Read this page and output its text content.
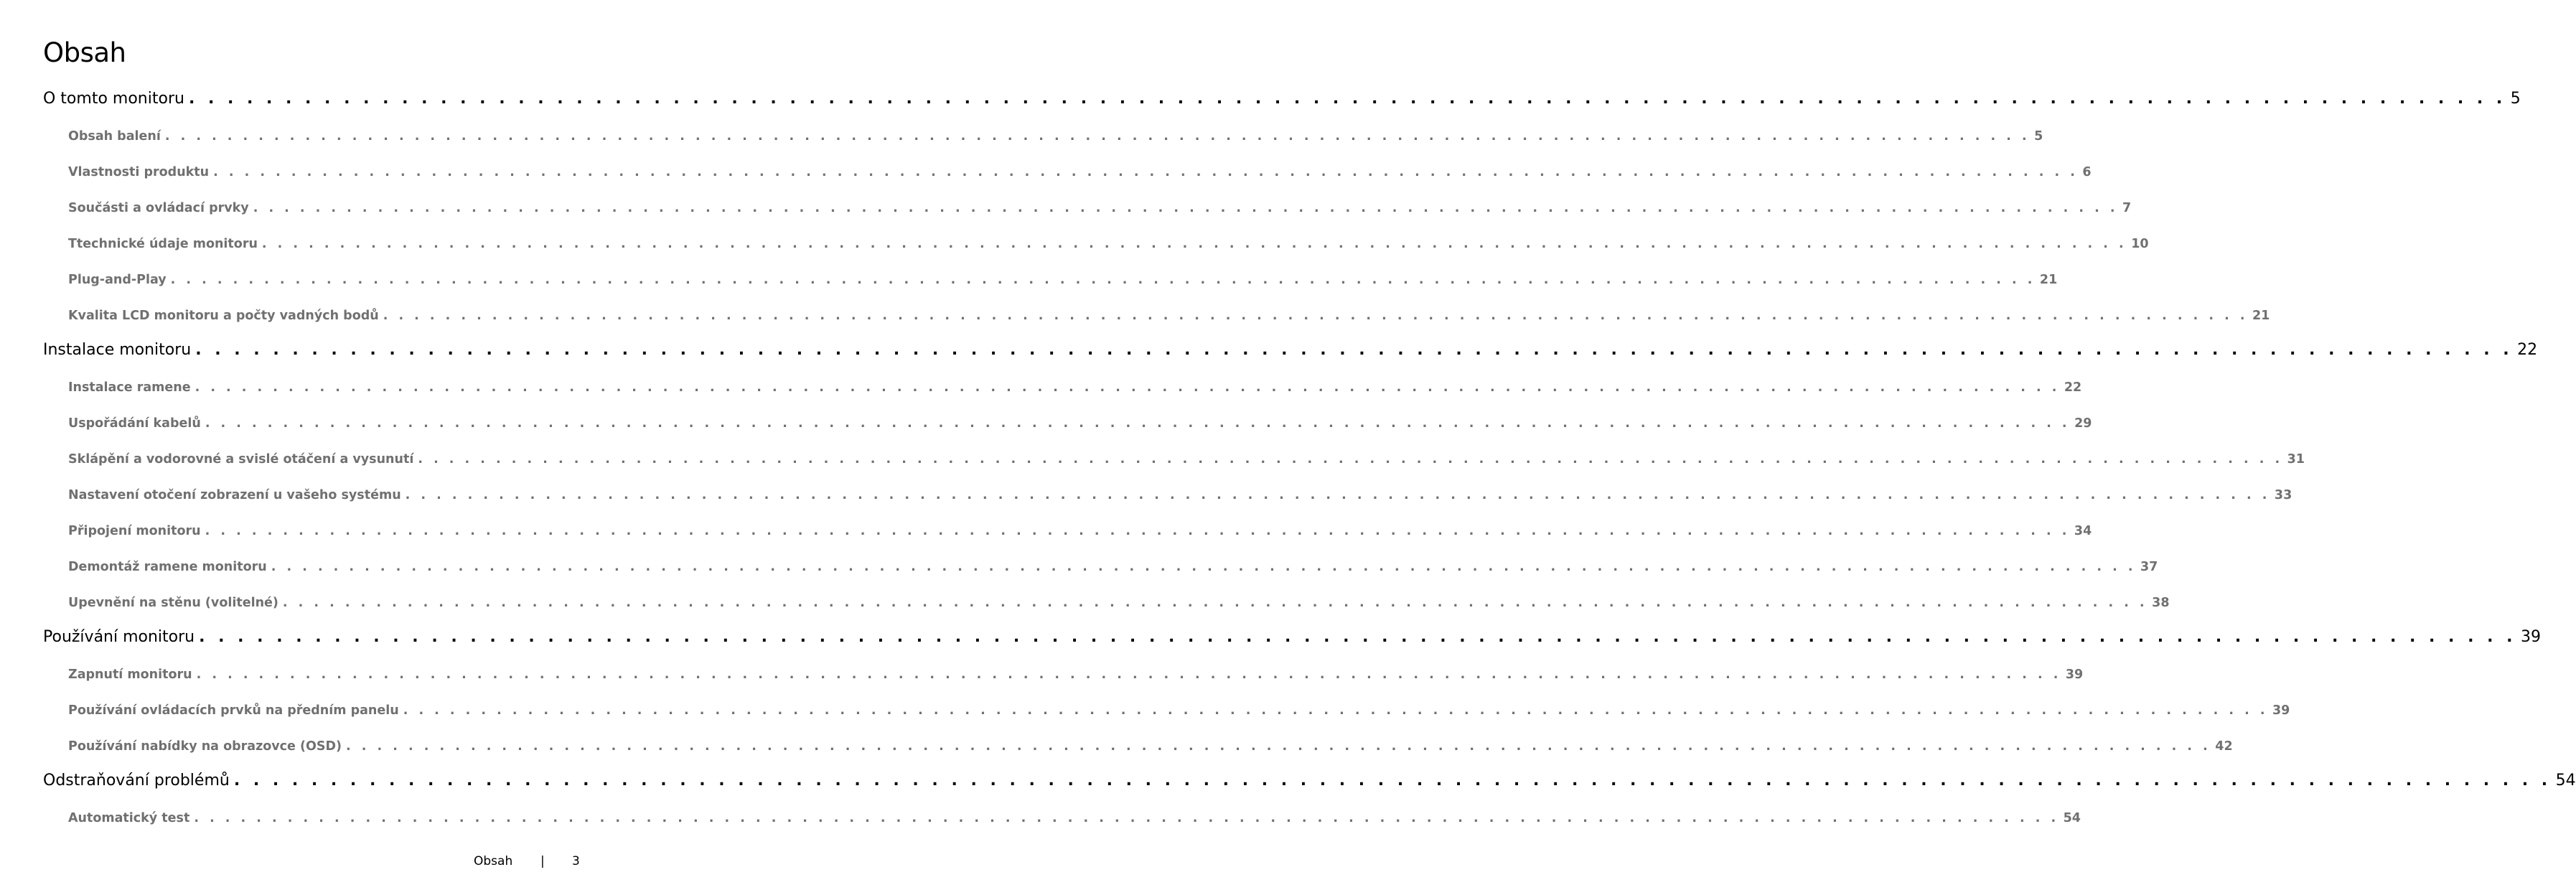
Obsah
O tomto monitoru . . . . . . . . . . . . . . . . . . . . . . . . . . . . . . . . . . . . . . . . . . . . . . . . . . . . . . . . . . . . . . . . . . . . . . . . . . . . . . . . . . . . . . . . . . . . . . . . . . . . . . . . . . . . . . . . . . . . . . . . 5
Obsah balení . . . . . . . . . . . . . . . . . . . . . . . . . . . . . . . . . . . . . . . . . . . . . . . . . . . . . . . . . . . . . . . . . . . . . . . . . . . . . . . . . . . . . . . . . . . . . . . . . . . . . . . . . . . . . . . . . . . . . . . . 5
Vlastnosti produktu . . . . . . . . . . . . . . . . . . . . . . . . . . . . . . . . . . . . . . . . . . . . . . . . . . . . . . . . . . . . . . . . . . . . . . . . . . . . . . . . . . . . . . . . . . . . . . . . . . . . . . . . . . . . . . . . . . . . . . . . 6
Součásti a ovládací prvky . . . . . . . . . . . . . . . . . . . . . . . . . . . . . . . . . . . . . . . . . . . . . . . . . . . . . . . . . . . . . . . . . . . . . . . . . . . . . . . . . . . . . . . . . . . . . . . . . . . . . . . . . . . . . . . . . . . . . . . . 7
Ttechnické údaje monitoru . . . . . . . . . . . . . . . . . . . . . . . . . . . . . . . . . . . . . . . . . . . . . . . . . . . . . . . . . . . . . . . . . . . . . . . . . . . . . . . . . . . . . . . . . . . . . . . . . . . . . . . . . . . . . . . . . . . . . . . . 10
Plug-and-Play . . . . . . . . . . . . . . . . . . . . . . . . . . . . . . . . . . . . . . . . . . . . . . . . . . . . . . . . . . . . . . . . . . . . . . . . . . . . . . . . . . . . . . . . . . . . . . . . . . . . . . . . . . . . . . . . . . . . . . . . 21
Kvalita LCD monitoru a počty vadných bodů . . . . . . . . . . . . . . . . . . . . . . . . . . . . . . . . . . . . . . . . . . . . . . . . . . . . . . . . . . . . . . . . . . . . . . . . . . . . . . . . . . . . . . . . . . . . . . . . . . . . . . . . . . . . . . . . . . . . . . . . 21
Instalace monitoru . . . . . . . . . . . . . . . . . . . . . . . . . . . . . . . . . . . . . . . . . . . . . . . . . . . . . . . . . . . . . . . . . . . . . . . . . . . . . . . . . . . . . . . . . . . . . . . . . . . . . . . . . . . . . . . . . . . . . . . . 22
Instalace ramene . . . . . . . . . . . . . . . . . . . . . . . . . . . . . . . . . . . . . . . . . . . . . . . . . . . . . . . . . . . . . . . . . . . . . . . . . . . . . . . . . . . . . . . . . . . . . . . . . . . . . . . . . . . . . . . . . . . . . . . . 22
Uspořádání kabelů . . . . . . . . . . . . . . . . . . . . . . . . . . . . . . . . . . . . . . . . . . . . . . . . . . . . . . . . . . . . . . . . . . . . . . . . . . . . . . . . . . . . . . . . . . . . . . . . . . . . . . . . . . . . . . . . . . . . . . . . 29
Sklápění a vodorovné a svislé otáčení a vysunutí . . . . . . . . . . . . . . . . . . . . . . . . . . . . . . . . . . . . . . . . . . . . . . . . . . . . . . . . . . . . . . . . . . . . . . . . . . . . . . . . . . . . . . . . . . . . . . . . . . . . . . . . . . . . . . . . . . . . . . . . 31
Nastavení otočení zobrazení u vašeho systému . . . . . . . . . . . . . . . . . . . . . . . . . . . . . . . . . . . . . . . . . . . . . . . . . . . . . . . . . . . . . . . . . . . . . . . . . . . . . . . . . . . . . . . . . . . . . . . . . . . . . . . . . . . . . . . . . . . . . . . . 33
Připojení monitoru . . . . . . . . . . . . . . . . . . . . . . . . . . . . . . . . . . . . . . . . . . . . . . . . . . . . . . . . . . . . . . . . . . . . . . . . . . . . . . . . . . . . . . . . . . . . . . . . . . . . . . . . . . . . . . . . . . . . . . . . 34
Demontáž ramene monitoru . . . . . . . . . . . . . . . . . . . . . . . . . . . . . . . . . . . . . . . . . . . . . . . . . . . . . . . . . . . . . . . . . . . . . . . . . . . . . . . . . . . . . . . . . . . . . . . . . . . . . . . . . . . . . . . . . . . . . . . . 37
Upevnění na stěnu (volitelné) . . . . . . . . . . . . . . . . . . . . . . . . . . . . . . . . . . . . . . . . . . . . . . . . . . . . . . . . . . . . . . . . . . . . . . . . . . . . . . . . . . . . . . . . . . . . . . . . . . . . . . . . . . . . . . . . . . . . . . . . 38
Používání monitoru . . . . . . . . . . . . . . . . . . . . . . . . . . . . . . . . . . . . . . . . . . . . . . . . . . . . . . . . . . . . . . . . . . . . . . . . . . . . . . . . . . . . . . . . . . . . . . . . . . . . . . . . . . . . . . . . . . . . . . . . 39
Zapnutí monitoru . . . . . . . . . . . . . . . . . . . . . . . . . . . . . . . . . . . . . . . . . . . . . . . . . . . . . . . . . . . . . . . . . . . . . . . . . . . . . . . . . . . . . . . . . . . . . . . . . . . . . . . . . . . . . . . . . . . . . . . . 39
Používání ovládacích prvků na předním panelu . . . . . . . . . . . . . . . . . . . . . . . . . . . . . . . . . . . . . . . . . . . . . . . . . . . . . . . . . . . . . . . . . . . . . . . . . . . . . . . . . . . . . . . . . . . . . . . . . . . . . . . . . . . . . . . . . . . . . . . . 39
Používání nabídky na obrazovce (OSD) . . . . . . . . . . . . . . . . . . . . . . . . . . . . . . . . . . . . . . . . . . . . . . . . . . . . . . . . . . . . . . . . . . . . . . . . . . . . . . . . . . . . . . . . . . . . . . . . . . . . . . . . . . . . . . . . . . . . . . . . 42
Odstraňování problémů . . . . . . . . . . . . . . . . . . . . . . . . . . . . . . . . . . . . . . . . . . . . . . . . . . . . . . . . . . . . . . . . . . . . . . . . . . . . . . . . . . . . . . . . . . . . . . . . . . . . . . . . . . . . . . . . . . . . . . . . 54
Automatický test . . . . . . . . . . . . . . . . . . . . . . . . . . . . . . . . . . . . . . . . . . . . . . . . . . . . . . . . . . . . . . . . . . . . . . . . . . . . . . . . . . . . . . . . . . . . . . . . . . . . . . . . . . . . . . . . . . . . . . . . 54
Obsah | 3
